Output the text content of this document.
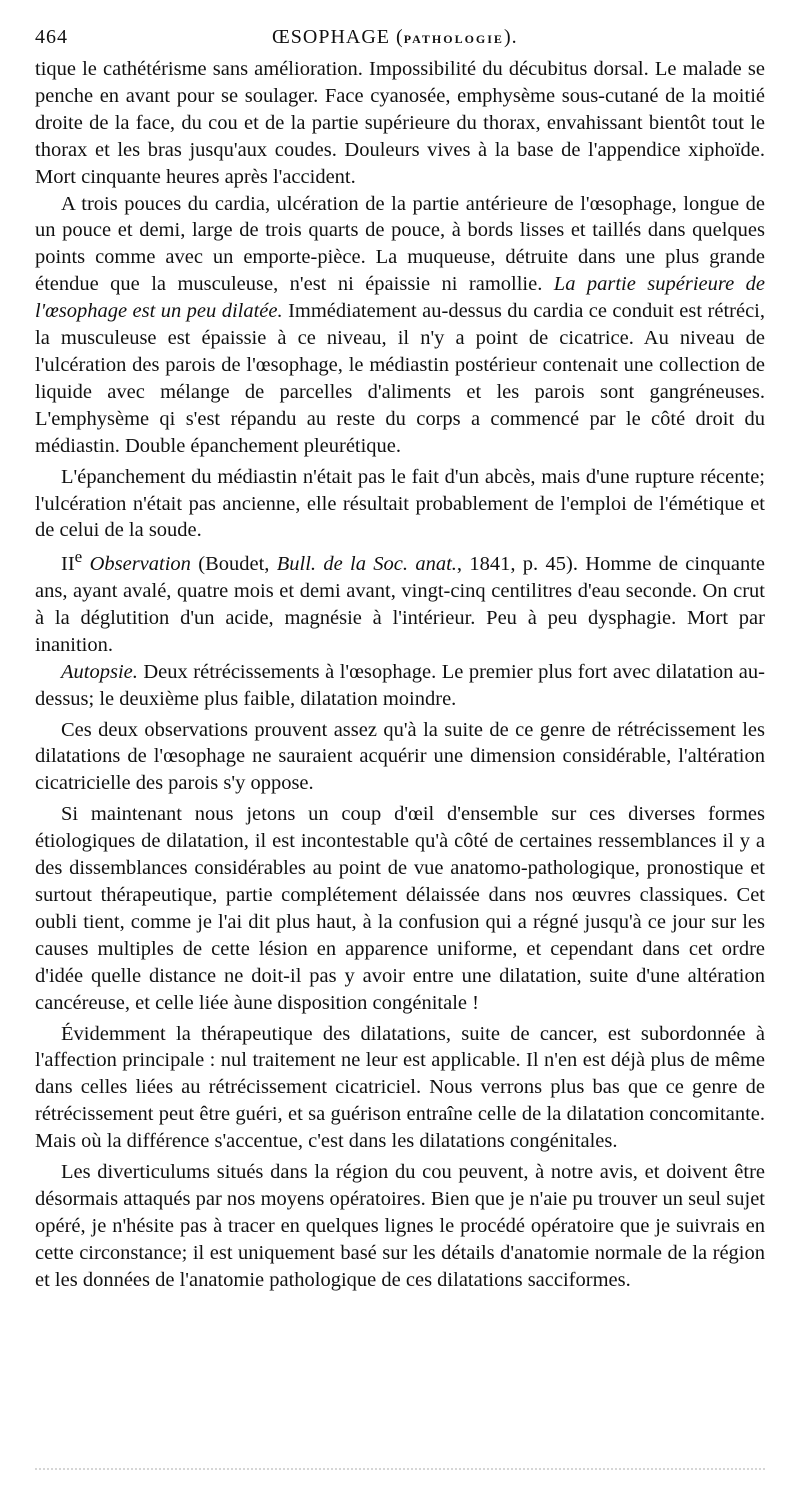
464	ŒSOPHAGE (PATHOLOGIE).

tique le cathétérisme sans amélioration. Impossibilité du décubitus dorsal. Le malade se penche en avant pour se soulager. Face cyanosée, emphysème sous-cutané de la moitié droite de la face, du cou et de la partie supérieure du thorax, envahissant bientôt tout le thorax et les bras jusqu'aux coudes. Douleurs vives à la base de l'appendice xiphoïde. Mort cinquante heures après l'accident.

A trois pouces du cardia, ulcération de la partie antérieure de l'œsophage, longue de un pouce et demi, large de trois quarts de pouce, à bords lisses et taillés dans quelques points comme avec un emporte-pièce. La muqueuse, détruite dans une plus grande étendue que la musculeuse, n'est ni épaissie ni ramollie. La partie supérieure de l'œsophage est un peu dilatée. Immédiatement au-dessus du cardia ce conduit est rétréci, la musculeuse est épaissie à ce niveau, il n'y a point de cicatrice. Au niveau de l'ulcération des parois de l'œsophage, le médiastin postérieur contenait une collection de liquide avec mélange de parcelles d'aliments et les parois sont gangréneuses. L'emphysème qi s'est répandu au reste du corps a commencé par le côté droit du médiastin. Double épanchement pleurétique.

L'épanchement du médiastin n'était pas le fait d'un abcès, mais d'une rupture récente; l'ulcération n'était pas ancienne, elle résultait probablement de l'emploi de l'émétique et de celui de la soude.

IIe Observation (Boudet, Bull. de la Soc. anat., 1841, p. 45). Homme de cinquante ans, ayant avalé, quatre mois et demi avant, vingt-cinq centilitres d'eau seconde. On crut à la déglutition d'un acide, magnésie à l'intérieur. Peu à peu dysphagie. Mort par inanition.

Autopsie. Deux rétrécissements à l'œsophage. Le premier plus fort avec dilatation au-dessus; le deuxième plus faible, dilatation moindre.

Ces deux observations prouvent assez qu'à la suite de ce genre de rétrécissement les dilatations de l'œsophage ne sauraient acquérir une dimension considérable, l'altération cicatricielle des parois s'y oppose.

Si maintenant nous jetons un coup d'œil d'ensemble sur ces diverses formes étiologiques de dilatation, il est incontestable qu'à côté de certaines ressemblances il y a des dissemblances considérables au point de vue anatomo-pathologique, pronostique et surtout thérapeutique, partie complétement délaissée dans nos œuvres classiques. Cet oubli tient, comme je l'ai dit plus haut, à la confusion qui a régné jusqu'à ce jour sur les causes multiples de cette lésion en apparence uniforme, et cependant dans cet ordre d'idée quelle distance ne doit-il pas y avoir entre une dilatation, suite d'une altération cancéreuse, et celle liée àune disposition congénitale !

Évidemment la thérapeutique des dilatations, suite de cancer, est subordonnée à l'affection principale : nul traitement ne leur est applicable. Il n'en est déjà plus de même dans celles liées au rétrécissement cicatriciel. Nous verrons plus bas que ce genre de rétrécissement peut être guéri, et sa guérison entraîne celle de la dilatation concomitante. Mais où la différence s'accentue, c'est dans les dilatations congénitales.

Les diverticulums situés dans la région du cou peuvent, à notre avis, et doivent être désormais attaqués par nos moyens opératoires. Bien que je n'aie pu trouver un seul sujet opéré, je n'hésite pas à tracer en quelques lignes le procédé opératoire que je suivrais en cette circonstance; il est uniquement basé sur les détails d'anatomie normale de la région et les données de l'anatomie pathologique de ces dilatations sacciformes.
